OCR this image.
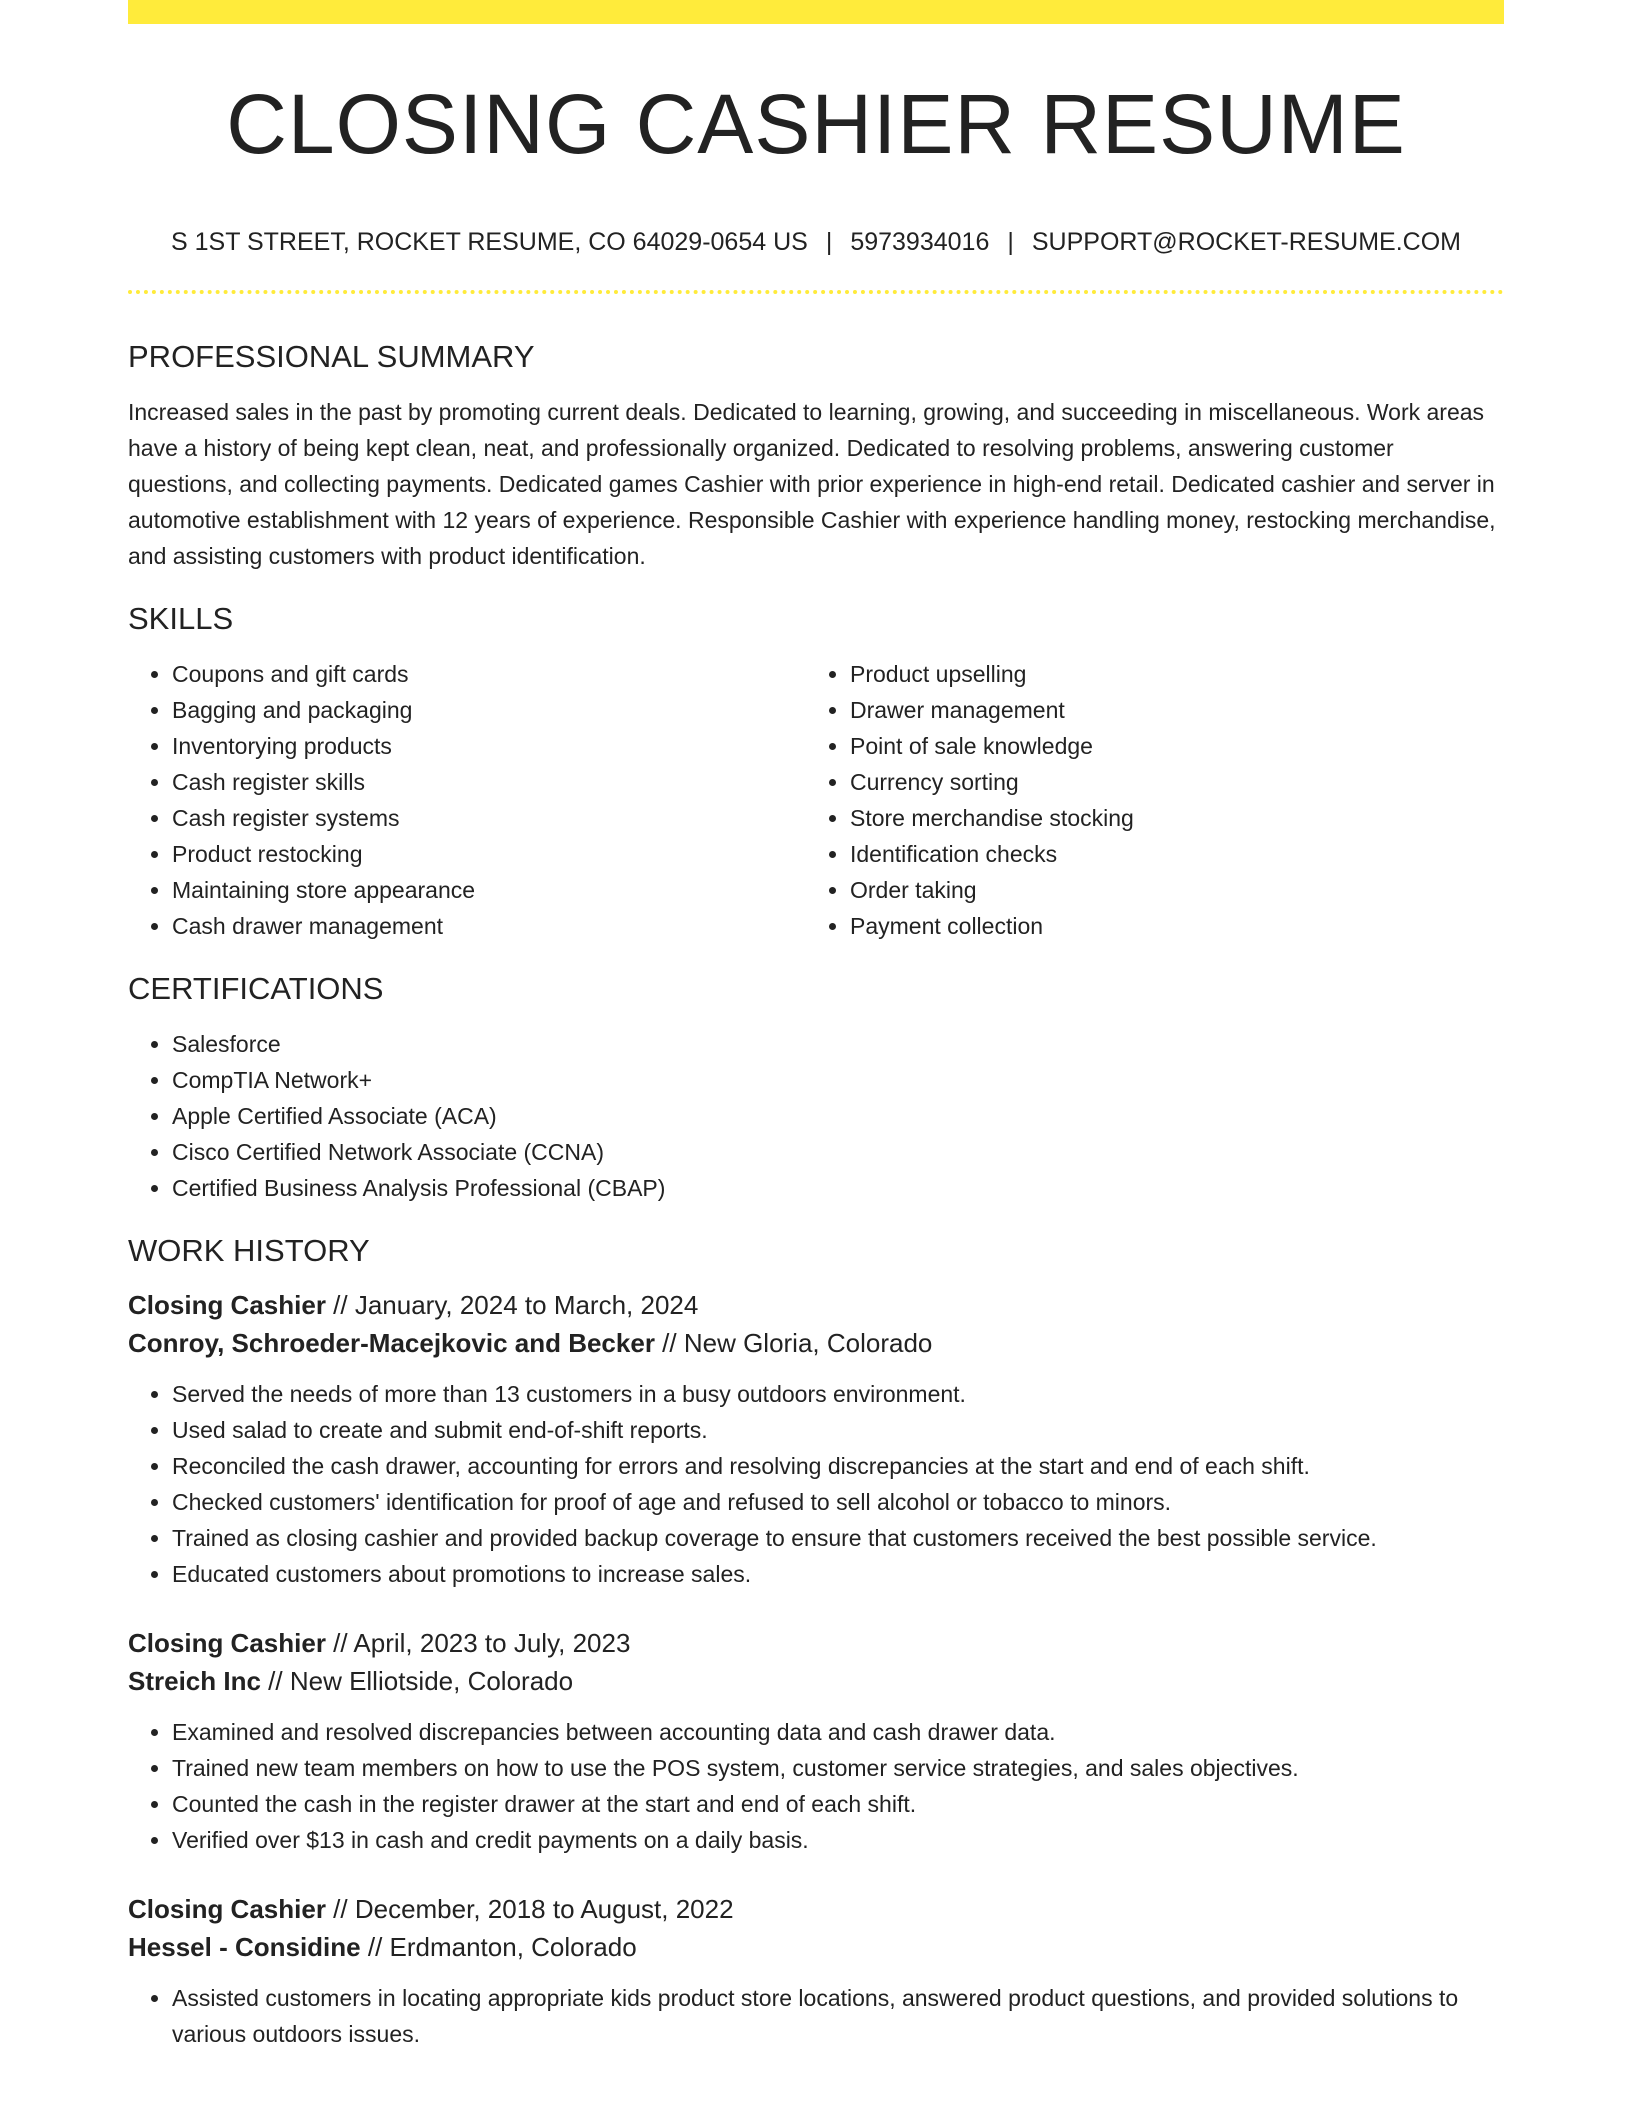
CLOSING CASHIER RESUME
S 1ST STREET, ROCKET RESUME, CO 64029-0654 US | 5973934016 | SUPPORT@ROCKET-RESUME.COM
PROFESSIONAL SUMMARY

Increased sales in the past by promoting current deals. Dedicated to learning, growing, and succeeding in miscellaneous. Work areas have a history of being kept clean, neat, and professionally organized. Dedicated to resolving problems, answering customer questions, and collecting payments. Dedicated games Cashier with prior experience in high-end retail. Dedicated cashier and server in automotive establishment with 12 years of experience. Responsible Cashier with experience handling money, restocking merchandise, and assisting customers with product identification.

SKILLS
• Coupons and gift cards
• Bagging and packaging
• Inventorying products
• Cash register skills
• Cash register systems
• Product restocking
• Maintaining store appearance
• Cash drawer management
• Product upselling
• Drawer management
• Point of sale knowledge
• Currency sorting
• Store merchandise stocking
• Identification checks
• Order taking
• Payment collection
CERTIFICATIONS
• Salesforce
• CompTIA Network+
• Apple Certified Associate (ACA)
• Cisco Certified Network Associate (CCNA)
• Certified Business Analysis Professional (CBAP)
WORK HISTORY
Closing Cashier // January, 2024 to March, 2024
Conroy, Schroeder-Macejkovic and Becker // New Gloria, Colorado
• Served the needs of more than 13 customers in a busy outdoors environment.
• Used salad to create and submit end-of-shift reports.
• Reconciled the cash drawer, accounting for errors and resolving discrepancies at the start and end of each shift.
• Checked customers' identification for proof of age and refused to sell alcohol or tobacco to minors.
• Trained as closing cashier and provided backup coverage to ensure that customers received the best possible service.
• Educated customers about promotions to increase sales.
Closing Cashier // April, 2023 to July, 2023
Streich Inc // New Elliotside, Colorado
• Examined and resolved discrepancies between accounting data and cash drawer data.
• Trained new team members on how to use the POS system, customer service strategies, and sales objectives.
• Counted the cash in the register drawer at the start and end of each shift.
• Verified over $13 in cash and credit payments on a daily basis.
Closing Cashier // December, 2018 to August, 2022
Hessel - Considine // Erdmanton, Colorado
• Assisted customers in locating appropriate kids product store locations, answered product questions, and provided solutions to various outdoors issues.
